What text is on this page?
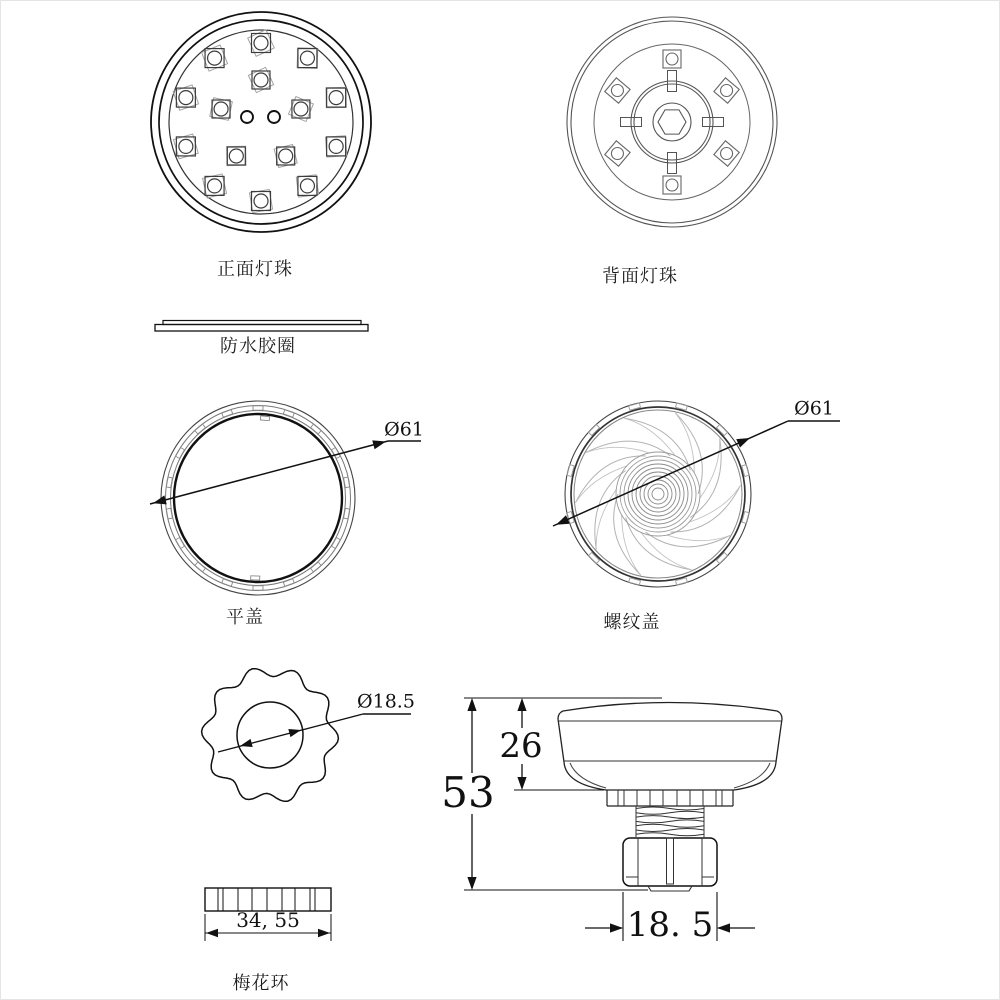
正面灯珠	背面灯珠
防水胶圈
平盖	螺纹盖
梅花环
Ø61
Ø61
Ø18.5
34, 55
53
26
18. 5
